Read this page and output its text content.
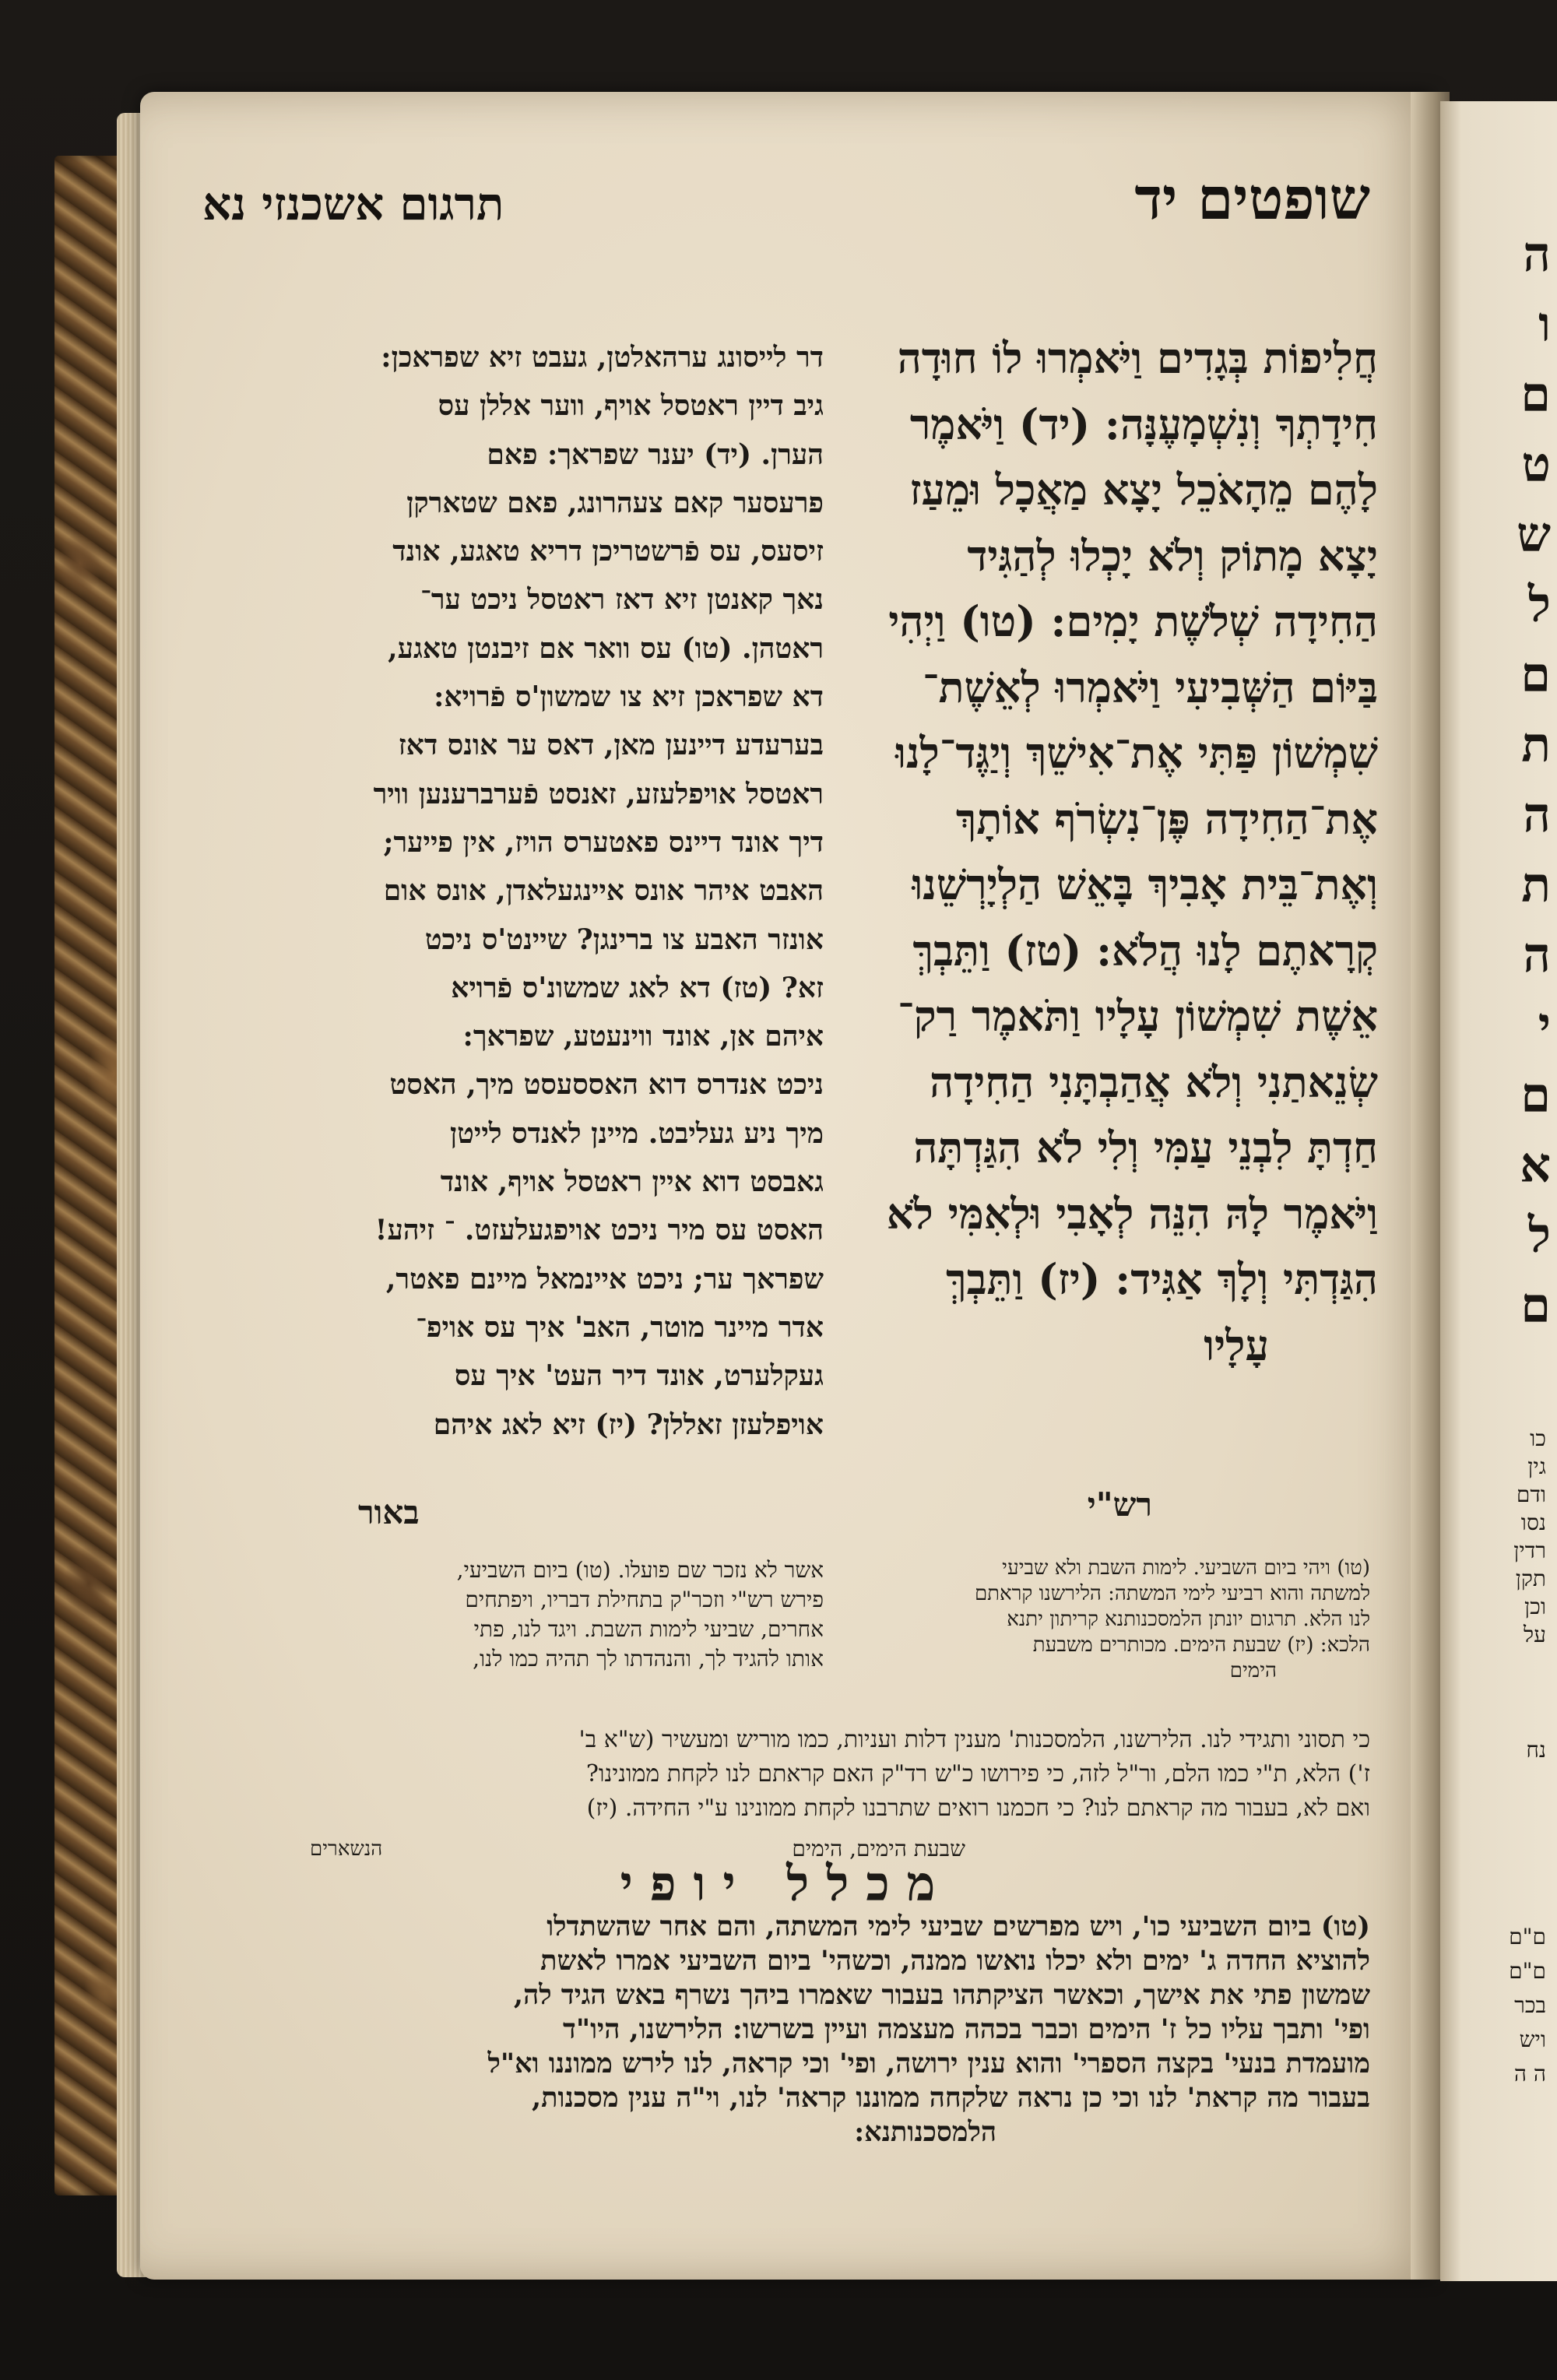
שופטים יד
תרגום אשכנזי נא
חֲלִיפוֹת בְּגָדִים וַיֹּאמְרוּ לוֹ חוּדָה
חִידָתְךָ וְנִשְׁמָעֶנָּה: (יד) וַיֹּאמֶר
לָהֶם מֵהָאֹכֵל יָצָא מַאֲכָל וּמֵעַז
יָצָא מָתוֹק וְלֹא יָכְלוּ לְהַגִּיד
הַחִידָה שְׁלֹשֶׁת יָמִים: (טו) וַיְהִי
בַּיּוֹם הַשְּׁבִיעִי וַיֹּאמְרוּ לְאֵשֶׁת־
שִׁמְשׁוֹן פַּתִּי אֶת־אִישֵׁךְ וְיַגֶּד־לָנוּ
אֶת־הַחִידָה פֶּן־נִשְׂרֹף אוֹתָךְ
וְאֶת־בֵּית אָבִיךְ בָּאֵשׁ הַלְיָרְשֵׁנוּ
קְרָאתֶם לָנוּ הֲלֹא: (טז) וַתֵּבְךְּ
אֵשֶׁת שִׁמְשׁוֹן עָלָיו וַתֹּאמֶר רַק־
שְׂנֵאתַנִי וְלֹא אֲהַבְתָּנִי הַחִידָה
חַדְתָּ לִבְנֵי עַמִּי וְלִי לֹא הִגַּדְתָּה
וַיֹּאמֶר לָהּ הִנֵּה לְאָבִי וּלְאִמִּי לֹא
הִגַּדְתִּי וְלָךְ אַגִּיד: (יז) וַתֵּבְךְּ
עָלָיו
דר לייסונג ערהאלטן, געבט זיא שפראכן:
גיב דיין ראטסל אויף, ווער אללן עס
הערן. (יד) יענר שפראך: פאם
פרעסער קאם צעהרונג, פאם שטארקן
זיסעס, עס פֿרשטריכן דריא טאגע, אונד
נאך קאנטן זיא דאז ראטסל ניכט ער־
ראטהן. (טו) עס וואר אם זיבנטן טאגע,
דא שפראכן זיא צו שמשון'ס פֿרויא:
בערעדע דיינען מאן, דאס ער אונס דאז
ראטסל אויפלעזע, זאנסט פֿערברענען וויר
דיך אונד דיינס פאטערס הויז, אין פייער;
האבט איהר אונס איינגעלאדן, אונס אום
אונזר האבע צו ברינגן? שיינט'ס ניכט
זא? (טז) דא לאג שמשונ'ס פֿרויא
איהם אן, אונד ווינעטע, שפראך:
ניכט אנדרס דוא האססעסט מיך, האסט
מיך ניע געליבט. מיינן לאנדס לייטן
גאבסט דוא איין ראטסל אויף, אונד
האסט עס מיר ניכט אויפגעלעזט. ־ זיהע!
שפראך ער; ניכט איינמאל מיינם פאטר,
אדר מיינר מוטר, האב' איך עס אויפ־
געקלערט, אונד דיר העט' איך עס
אויפלעזן זאללן? (יז) זיא לאג איהם
רש"י
באור
(טו) ויהי ביום השביעי. לימות השבת ולא שביעי
למשתה והוא רביעי לימי המשתה: הלירשנו קראתם
לנו הלא. תרגום יונתן הלמסכנותנא קריתון יתנא
הלכא: (יז) שבעת הימים. מכותרים משבעת
הימים
אשר לא נזכר שם פועלו. (טו) ביום השביעי,
פירש רש"י וזכר"ק בתחילת דבריו, ויפתחים
אחרים, שביעי לימות השבת. ויגד לנו, פתי
אותו להגיד לך, והנהדתו לך תהיה כמו לנו,
כי תסוני ותגידי לנו. הלירשנו, הלמסכנות' מענין דלות ועניות, כמו מוריש ומעשיר (ש"א ב'
ז') הלא, ת"י כמו הלם, ור"ל לזה, כי פירושו כ"ש רד"ק האם קראתם לנו לקחת ממונינו?
ואם לא, בעבור מה קראתם לנו? כי חכמנו רואים שתרבנו לקחת ממונינו ע"י החידה. (יז)
הנשארים	שבעת הימים, הימים
מכלל יופי
(טו) ביום השביעי כו', ויש מפרשים שביעי לימי המשתה, והם אחר שהשתדלו
להוציא החדה ג' ימים ולא יכלו נואשו ממנה, וכשהי' ביום השביעי אמרו לאשת
שמשון פתי את אישך, וכאשר הציקתהו בעבור שאמרו ביהך נשרף באש הגיד לה,
ופי' ותבך עליו כל ז' הימים וכבר בכהה מעצמה ועיין בשרשו: הלירשנו, היו"ד
מועמדת בנעי' בקצה הספרי' והוא ענין ירושה, ופי' וכי קראה, לנו לירש ממוננו וא"ל
בעבור מה קראת' לנו וכי כן נראה שלקחה ממוננו קראה' לנו, וי"ה ענין מסכנות,
הלמסכנותנא:
ה
ו
ם
ט
ש
ל
ם
ת
ה
ת
ה
י
ם
א
ל
ם
כו
גין
ודם
נסו
רדין
תקן
וכן
על
נח
ם"ם
ם"ם
בכר
ויש
ה ה
